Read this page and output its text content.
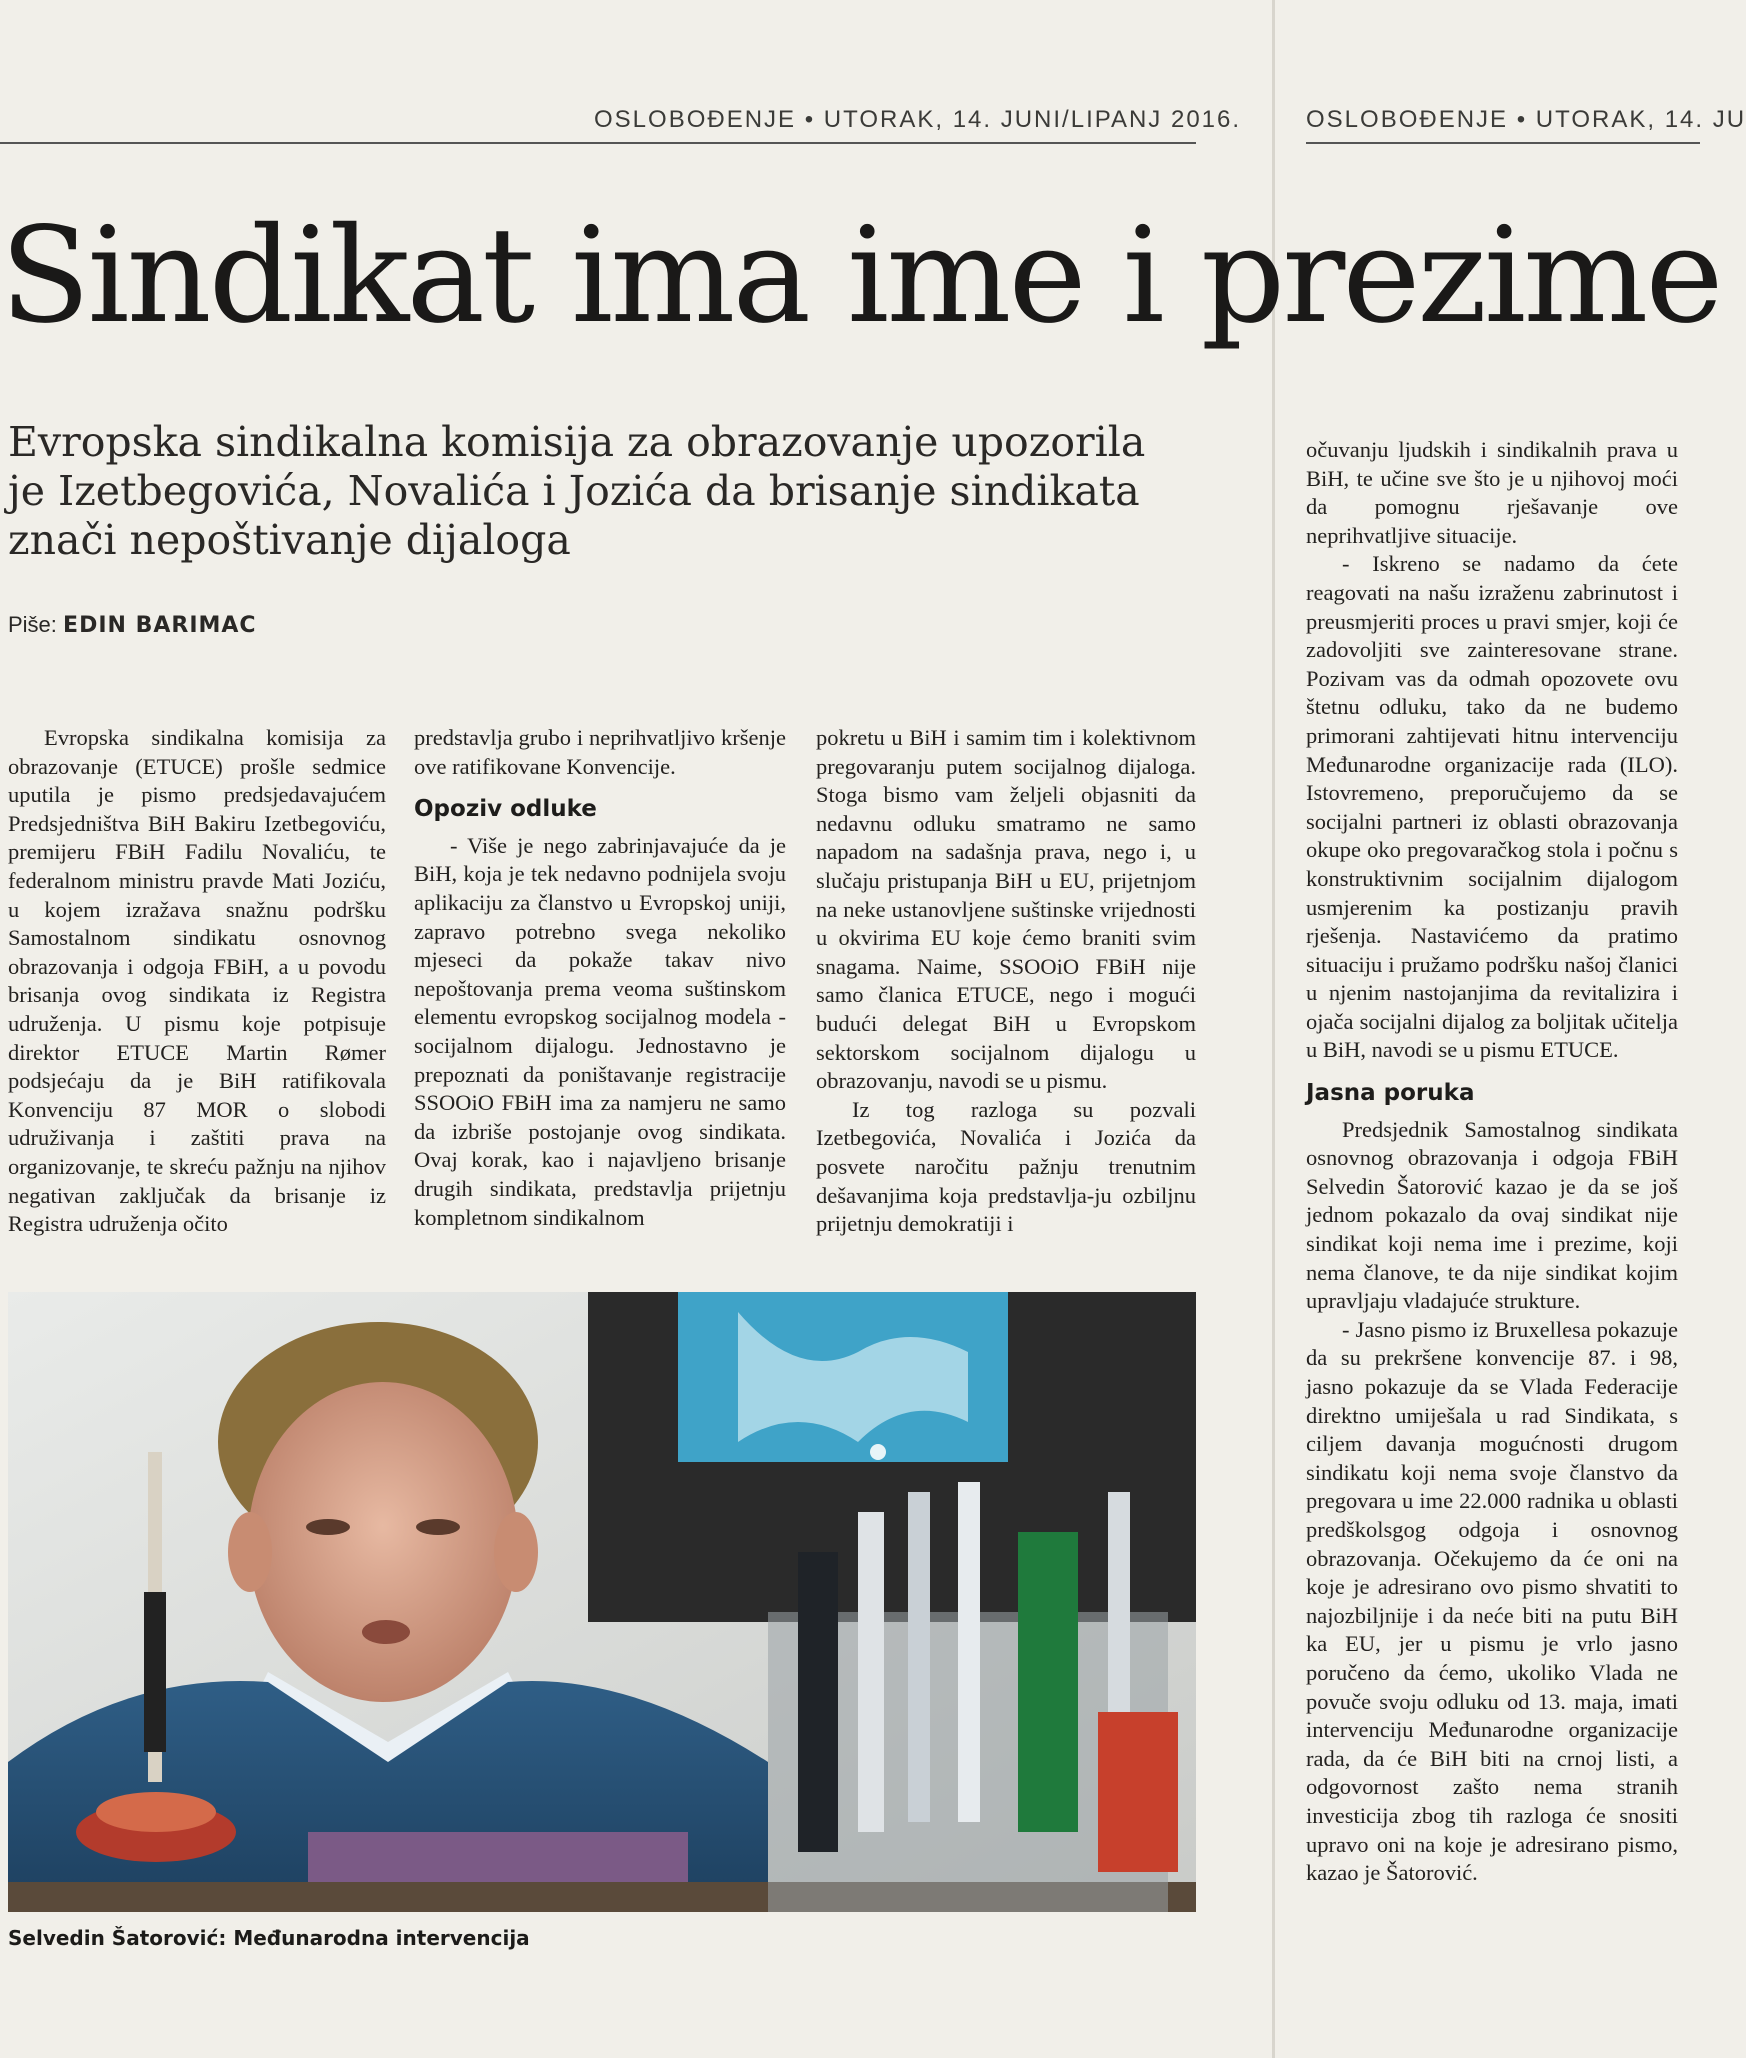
OSLOBOĐENJE • UTORAK, 14. JUNI/LIPANJ 2016.	OSLOBOĐENJE • UTORAK, 14. JU
Sindikat ima ime i prezime
Evropska sindikalna komisija za obrazovanje upozorila je Izetbegovića, Novalića i Jozića da brisanje sindikata znači nepoštivanje dijaloga
Piše: EDIN BARIMAC

Evropska sindikalna komisija za obrazovanje (ETUCE) prošle sedmice uputila je pismo predsjedavajućem Predsjedništva BiH Bakiru Izetbegoviću, premijeru FBiH Fadilu Novaliću, te federalnom ministru pravde Mati Joziću, u kojem izražava snažnu podršku Samostalnom sindikatu osnovnog obrazovanja i odgoja FBiH, a u povodu brisanja ovog sindikata iz Registra udruženja. U pismu koje potpisuje direktor ETUCE Martin Rømer podsjećaju da je BiH ratifikovala Konvenciju 87 MOR o slobodi udruživanja i zaštiti prava na organizovanje, te skreću pažnju na njihov negativan zaključak da brisanje iz Registra udruženja očito

predstavlja grubo i neprihvatljivo kršenje ove ratifikovane Konvencije.

Opoziv odluke

- Više je nego zabrinjavajuće da je BiH, koja je tek nedavno podnijela svoju aplikaciju za članstvo u Evropskoj uniji, zapravo potrebno svega nekoliko mjeseci da pokaže takav nivo nepoštovanja prema veoma suštinskom elementu evropskog socijalnog modela - socijalnom dijalogu. Jednostavno je prepoznati da poništavanje registracije SSOOiO FBiH ima za namjeru ne samo da izbriše postojanje ovog sindikata. Ovaj korak, kao i najavljeno brisanje drugih sindikata, predstavlja prijetnju kompletnom sindikalnom

pokretu u BiH i samim tim i kolektivnom pregovaranju putem socijalnog dijaloga. Stoga bismo vam željeli objasniti da nedavnu odluku smatramo ne samo napadom na sadašnja prava, nego i, u slučaju pristupanja BiH u EU, prijetnjom na neke ustanovljene suštinske vrijednosti u okvirima EU koje ćemo braniti svim snagama. Naime, SSOOiO FBiH nije samo članica ETUCE, nego i mogući budući delegat BiH u Evropskom sektorskom socijalnom dijalogu u obrazovanju, navodi se u pismu.

Iz tog razloga su pozvali Izetbegovića, Novalića i Jozića da posvete naročitu pažnju trenutnim dešavanjima koja predstavlja-ju ozbiljnu prijetnju demokratiji i

očuvanju ljudskih i sindikalnih prava u BiH, te učine sve što je u njihovoj moći da pomognu rješavanje ove neprihvatljive situacije.

- Iskreno se nadamo da ćete reagovati na našu izraženu zabrinutost i preusmjeriti proces u pravi smjer, koji će zadovoljiti sve zainteresovane strane. Pozivam vas da odmah opozovete ovu štetnu odluku, tako da ne budemo primorani zahtijevati hitnu intervenciju Međunarodne organizacije rada (ILO). Istovremeno, preporučujemo da se socijalni partneri iz oblasti obrazovanja okupe oko pregovaračkog stola i počnu s konstruktivnim socijalnim dijalogom usmjerenim ka postizanju pravih rješenja. Nastavićemo da pratimo situaciju i pružamo podršku našoj članici u njenim nastojanjima da revitalizira i ojača socijalni dijalog za boljitak učitelja u BiH, navodi se u pismu ETUCE.

Jasna poruka

Predsjednik Samostalnog sindikata osnovnog obrazovanja i odgoja FBiH Selvedin Šatorović kazao je da se još jednom pokazalo da ovaj sindikat nije sindikat koji nema ime i prezime, koji nema članove, te da nije sindikat kojim upravljaju vladajuće strukture.

- Jasno pismo iz Bruxellesa pokazuje da su prekršene konvencije 87. i 98, jasno pokazuje da se Vlada Federacije direktno umiješala u rad Sindikata, s ciljem davanja mogućnosti drugom sindikatu koji nema svoje članstvo da pregovara u ime 22.000 radnika u oblasti predškolsgog odgoja i osnovnog obrazovanja. Očekujemo da će oni na koje je adresirano ovo pismo shvatiti to najozbiljnije i da neće biti na putu BiH ka EU, jer u pismu je vrlo jasno poručeno da ćemo, ukoliko Vlada ne povuče svoju odluku od 13. maja, imati intervenciju Međunarodne organizacije rada, da će BiH biti na crnoj listi, a odgovornost zašto nema stranih investicija zbog tih razloga će snositi upravo oni na koje je adresirano pismo, kazao je Šatorović.

Selvedin Šatorović: Međunarodna intervencija
